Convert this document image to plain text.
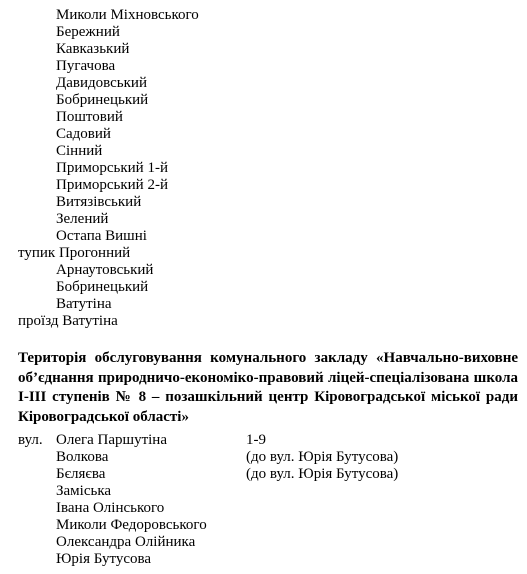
Миколи Міхновського
Бережний
Кавказький
Пугачова
Давидовський
Бобринецький
Поштовий
Садовий
Сінний
Приморський 1-й
Приморський 2-й
Витязівський
Зелений
Остапа Вишні
тупик Прогонний
Арнаутовський
Бобринецький
Ватутіна
проїзд Ватутіна
Територія обслуговування комунального закладу «Навчально-виховне
об’єднання природничо-економіко-правовий ліцей-спеціалізована школа
І-ІІІ ступенів № 8 – позашкільний центр Кіровоградської міської ради
Кіровоградської області»
вул. Олега Паршутіна	1-9
Волкова	(до вул. Юрія Бутусова)
Бєляєва	(до вул. Юрія Бутусова)
Заміська
Івана Олінського
Миколи Федоровського
Олександра Олійника
Юрія Бутусова
